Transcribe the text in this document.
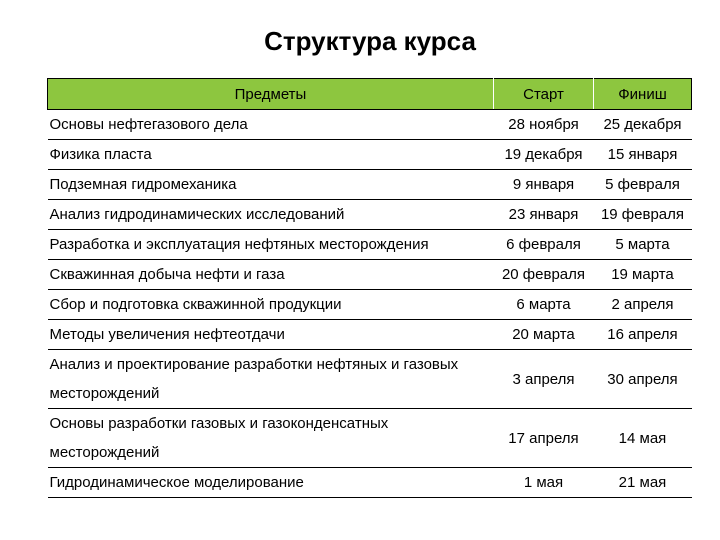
Структура курса
Предметы	Старт	Финиш
Основы нефтегазового дела	28 ноября	25 декабря
Физика пласта	19 декабря	15 января
Подземная гидромеханика	9 января	5 февраля
Анализ гидродинамических исследований	23 января	19 февраля
Разработка и эксплуатация нефтяных месторождения	6 февраля	5 марта
Скважинная добыча нефти и газа	20 февраля	19 марта
Сбор и подготовка скважинной продукции	6 марта	2 апреля
Методы увеличения нефтеотдачи	20 марта	16 апреля
Анализ и проектирование разработки нефтяных и газовых
месторождений	3 апреля	30 апреля
Основы разработки газовых и газоконденсатных
месторождений	17 апреля	14 мая
Гидродинамическое моделирование	1 мая	21 мая
